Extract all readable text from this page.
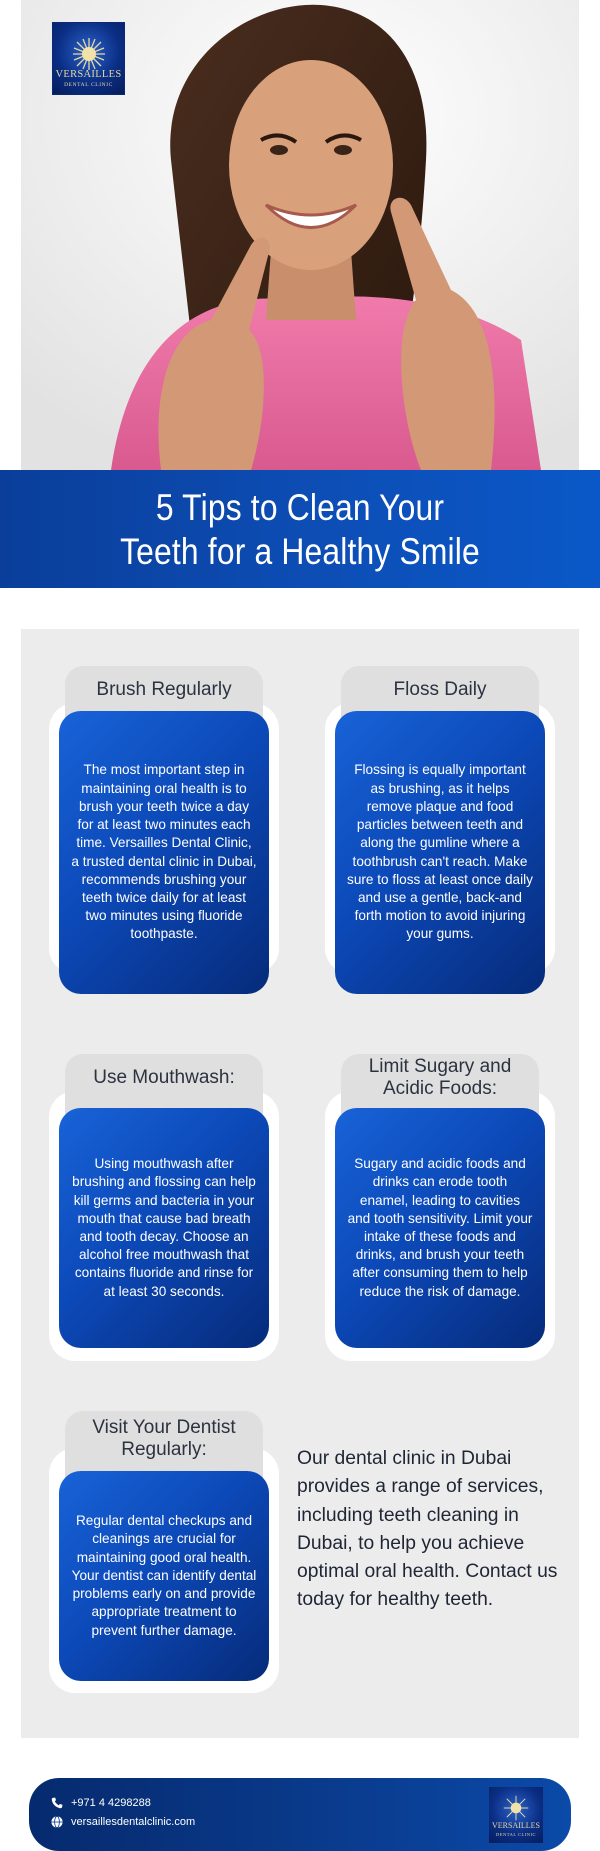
VERSAILLES
DENTAL CLINIC
5 Tips to Clean Your
Teeth for a Healthy Smile
Brush Regularly
The most important step in maintaining oral health is to brush your teeth twice a day for at least two minutes each time. Versailles Dental Clinic, a trusted dental clinic in Dubai, recommends brushing your teeth twice daily for at least two minutes using fluoride toothpaste.
Floss Daily
Flossing is equally important as brushing, as it helps remove plaque and food particles between teeth and along the gumline where a toothbrush can't reach. Make sure to floss at least once daily and use a gentle, back-and forth motion to avoid injuring your gums.
Use Mouthwash:
Using mouthwash after brushing and flossing can help kill germs and bacteria in your mouth that cause bad breath and tooth decay. Choose an alcohol free mouthwash that contains fluoride and rinse for at least 30 seconds.
Limit Sugary and Acidic Foods:
Sugary and acidic foods and drinks can erode tooth enamel, leading to cavities and tooth sensitivity. Limit your intake of these foods and drinks, and brush your teeth after consuming them to help reduce the risk of damage.
Visit Your Dentist Regularly:
Regular dental checkups and cleanings are crucial for maintaining good oral health. Your dentist can identify dental problems early on and provide appropriate treatment to prevent further damage.

Our dental clinic in Dubai provides a range of services, including teeth cleaning in Dubai, to help you achieve optimal oral health. Contact us today for healthy teeth.

+971 4 4298288
versaillesdentalclinic.com	VERSAILLES
DENTAL CLINIC
